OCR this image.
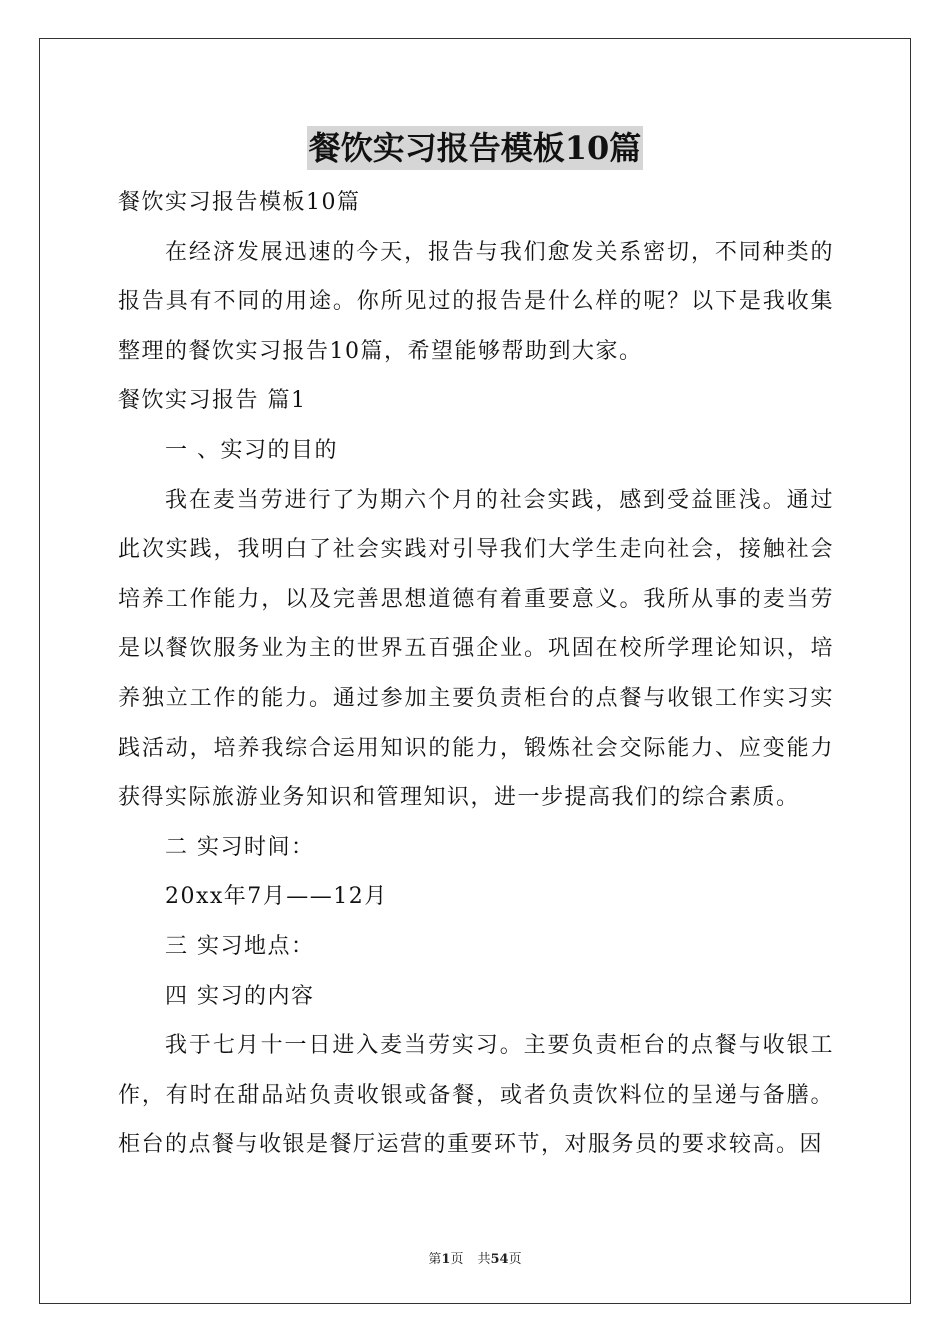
餐饮实习报告模板10篇
餐饮实习报告模板10篇
在经济发展迅速的今天，报告与我们愈发关系密切，不同种类的报告具有不同的用途。你所见过的报告是什么样的呢？以下是我收集整理的餐饮实习报告10篇，希望能够帮助到大家。
餐饮实习报告 篇1
一 、实习的目的
我在麦当劳进行了为期六个月的社会实践，感到受益匪浅。通过此次实践，我明白了社会实践对引导我们大学生走向社会，接触社会培养工作能力，以及完善思想道德有着重要意义。我所从事的麦当劳是以餐饮服务业为主的世界五百强企业。巩固在校所学理论知识，培养独立工作的能力。通过参加主要负责柜台的点餐与收银工作实习实践活动，培养我综合运用知识的能力，锻炼社会交际能力、应变能力获得实际旅游业务知识和管理知识，进一步提高我们的综合素质。
二 实习时间：
20xx年7月——12月
三 实习地点：
四 实习的内容
我于七月十一日进入麦当劳实习。主要负责柜台的点餐与收银工作，有时在甜品站负责收银或备餐，或者负责饮料位的呈递与备膳。柜台的点餐与收银是餐厅运营的重要环节，对服务员的要求较高。因
第1页 共54页
